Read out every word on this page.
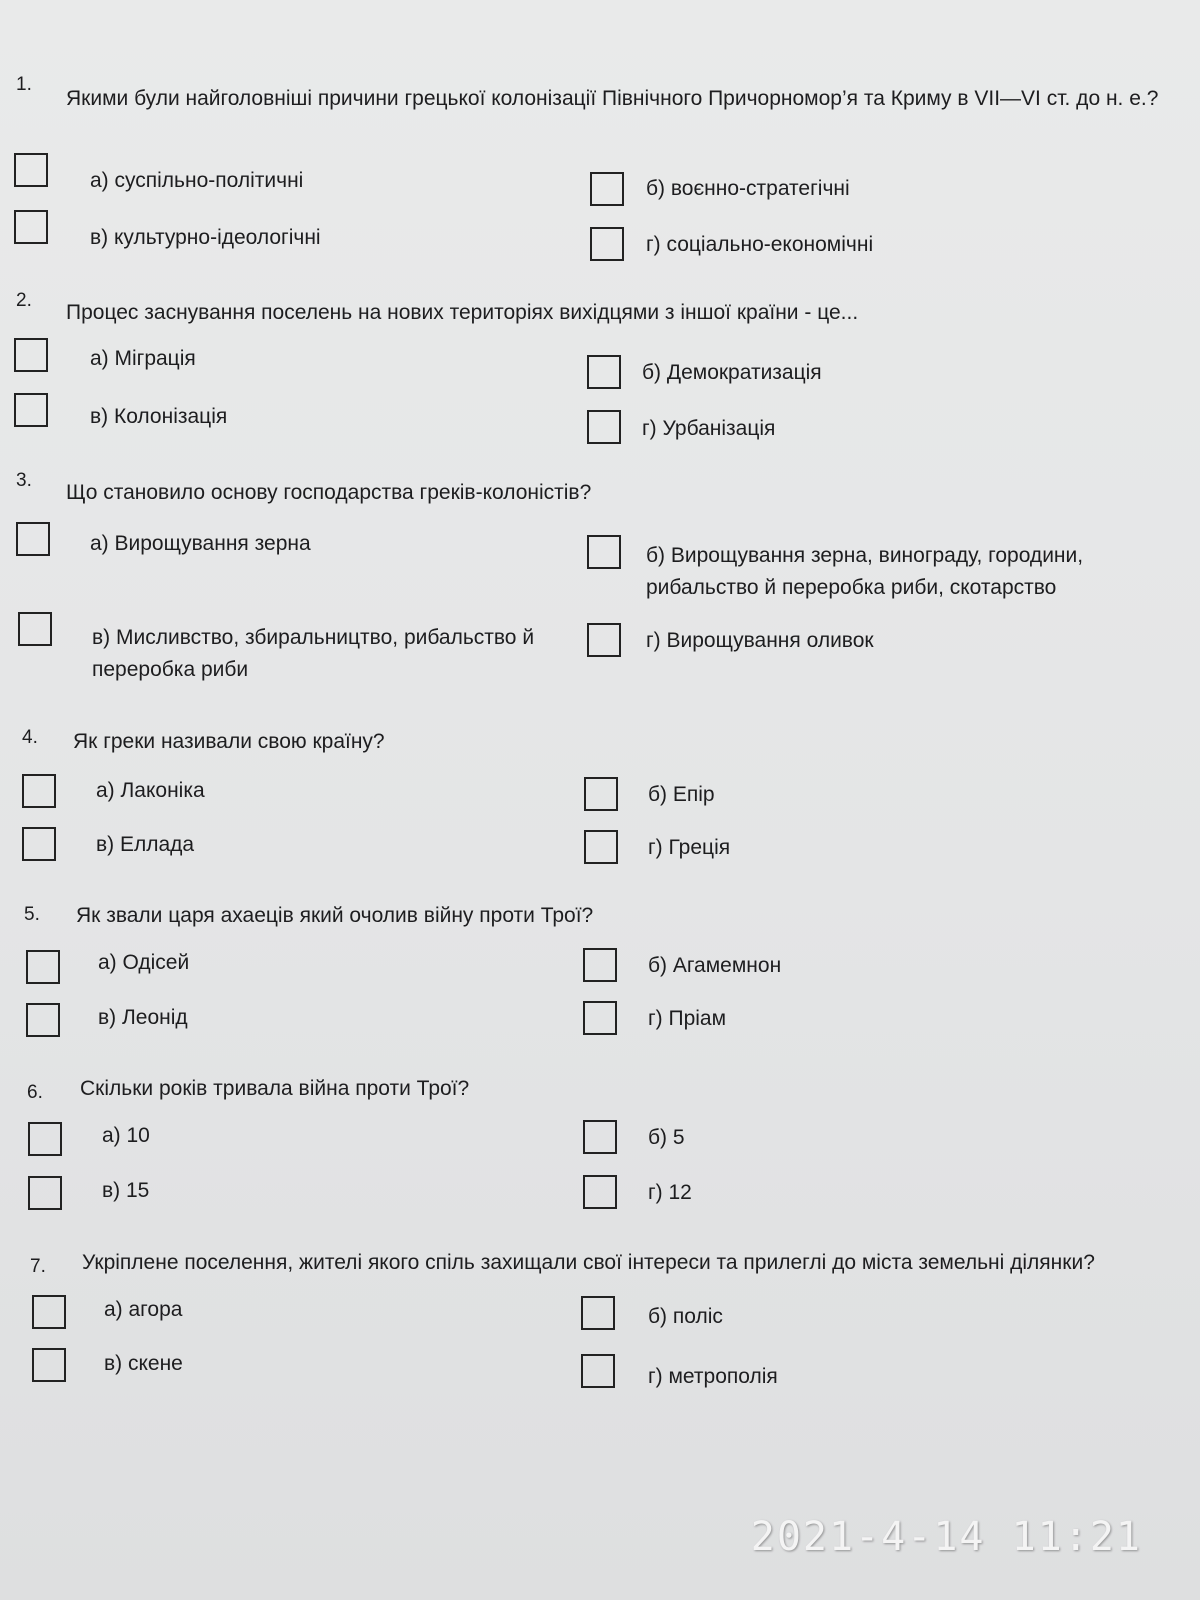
1.
Якими були найголовніші причини грецької колонізації Північного Причорномор’я та Криму в VII—VI ст. до н. е.?
а) суспільно-політичні	б) воєнно-стратегічні
в) культурно-ідеологічні	г) соціально-економічні
2.
Процес заснування поселень на нових територіях вихідцями з іншої країни - це...
а) Міграція
б) Демократизація
в) Колонізація
г) Урбанізація
3.
Що становило основу господарства греків-колоністів?
а) Вирощування зерна
б) Вирощування зерна, винограду, городини, рибальство й переробка риби, скотарство
в) Мисливство, збиральництво, рибальство й переробка риби
г) Вирощування оливок
4. Як греки називали свою країну?
а) Лаконіка	б) Епір
в) Еллада	г) Греція
5. Як звали царя ахаеців який очолив війну проти Трої?
а) Одісей	б) Агамемнон
в) Леонід	г) Пріам
6. Скільки років тривала війна проти Трої?
а) 10	б) 5
в) 15	г) 12
7. Укріплене поселення, жителі якого спіль захищали свої інтереси та прилеглі до міста земельні ділянки?
а) агора	б) поліс
в) скене
г) метрополія
2021-4-14 11:21
